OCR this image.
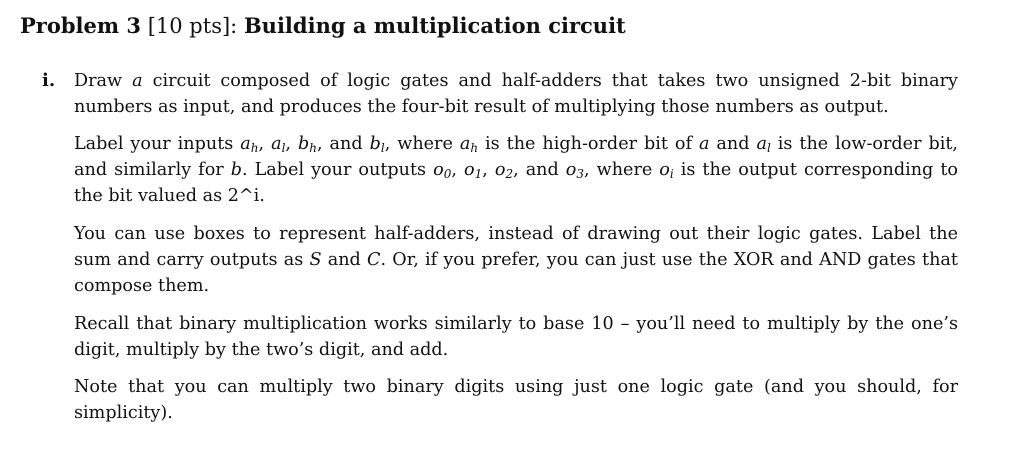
Problem 3 [10 pts]: Building a multiplication circuit
i. Draw a circuit composed of logic gates and half-adders that takes two unsigned 2-bit binary numbers as input, and produces the four-bit result of multiplying those numbers as output.

Label your inputs $a_h$, $a_l$, $b_h$, and $b_l$, where $a_h$ is the high-order bit of a and $a_l$ is the low-order bit, and similarly for b. Label your outputs $o_0$, $o_1$, $o_2$, and $o_3$, where $o_i$ is the output corresponding to the bit valued as 2^i.

You can use boxes to represent half-adders, instead of drawing out their logic gates. Label the sum and carry outputs as S and C. Or, if you prefer, you can just use the XOR and AND gates that compose them.

Recall that binary multiplication works similarly to base 10 – you’ll need to multiply by the one’s digit, multiply by the two’s digit, and add.

Note that you can multiply two binary digits using just one logic gate (and you should, for simplicity).
